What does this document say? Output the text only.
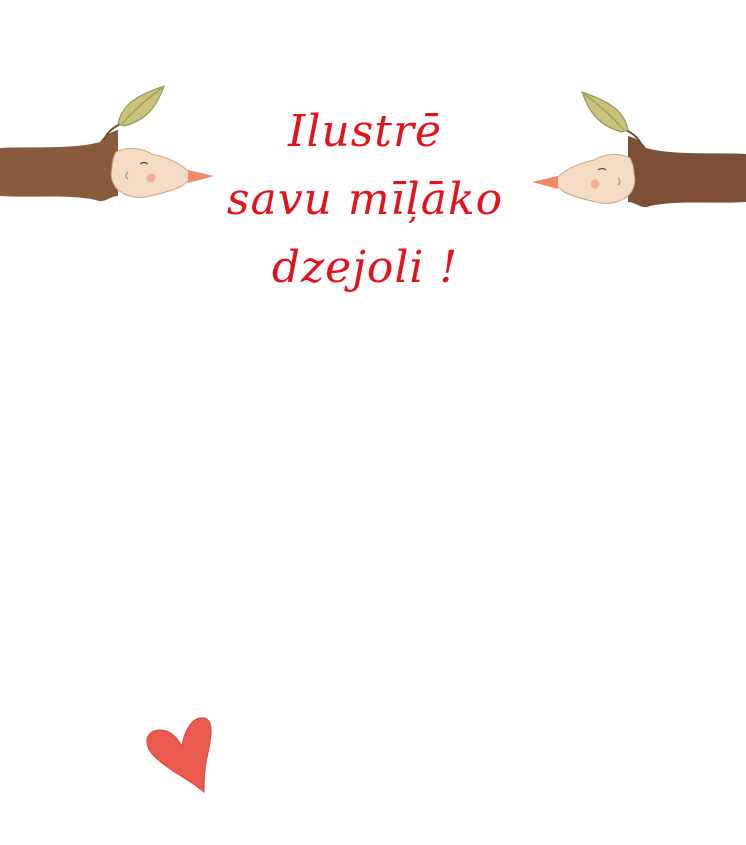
Ilustrē
savu mīļāko
dzejoli !
